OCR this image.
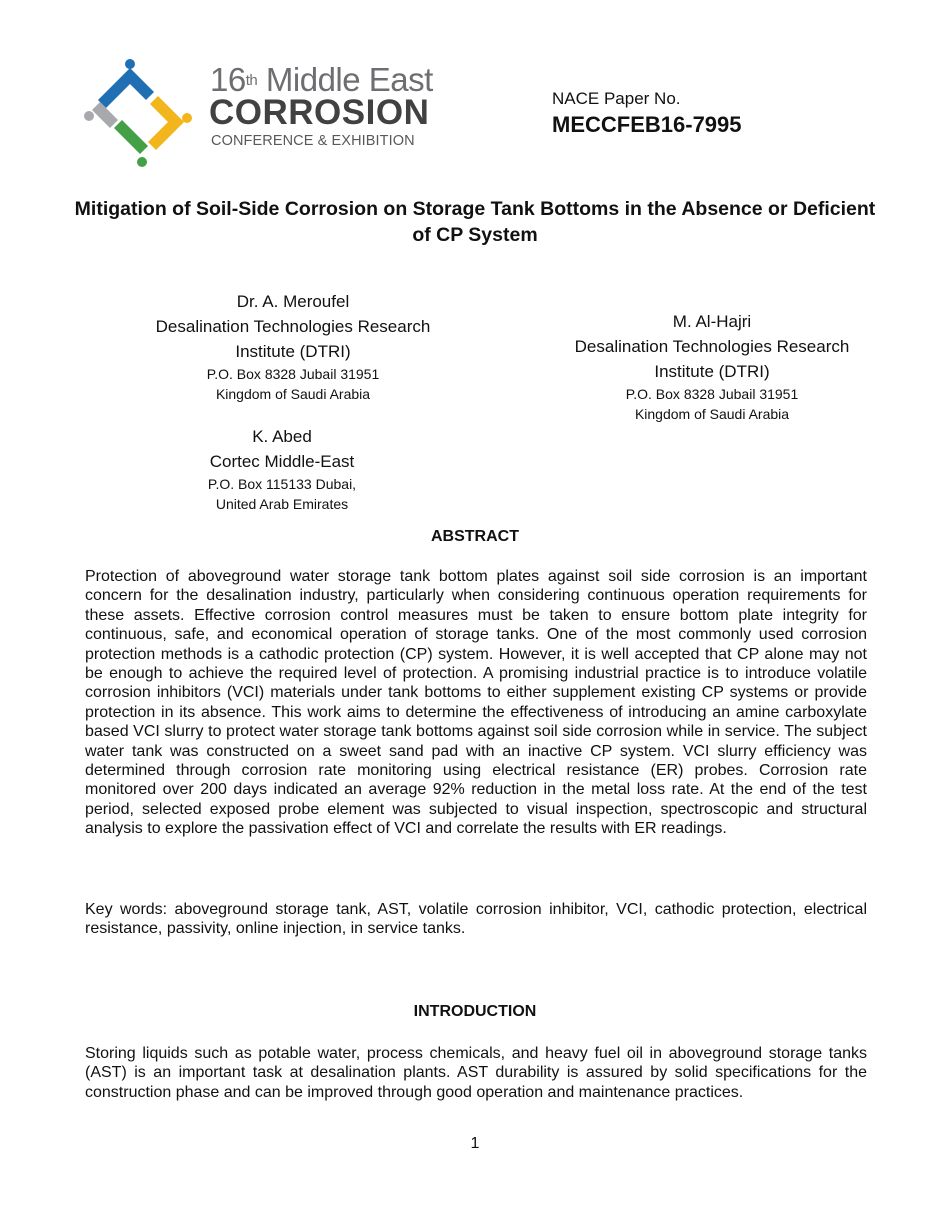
16th Middle East
CORROSION
CONFERENCE & EXHIBITION
NACE Paper No.
MECCFEB16-7995
Mitigation of Soil-Side Corrosion on Storage Tank Bottoms in the Absence or Deficient of CP System
Dr. A. Meroufel
Desalination Technologies Research
Institute (DTRI)
P.O. Box 8328 Jubail 31951
Kingdom of Saudi Arabia
M. Al-Hajri
Desalination Technologies Research
Institute (DTRI)
P.O. Box 8328 Jubail 31951
Kingdom of Saudi Arabia
K. Abed
Cortec Middle-East
P.O. Box 115133 Dubai,
United Arab Emirates
ABSTRACT
Protection of aboveground water storage tank bottom plates against soil side corrosion is an important concern for the desalination industry, particularly when considering continuous operation requirements for these assets. Effective corrosion control measures must be taken to ensure bottom plate integrity for continuous, safe, and economical operation of storage tanks. One of the most commonly used corrosion protection methods is a cathodic protection (CP) system. However, it is well accepted that CP alone may not be enough to achieve the required level of protection. A promising industrial practice is to introduce volatile corrosion inhibitors (VCI) materials under tank bottoms to either supplement existing CP systems or provide protection in its absence. This work aims to determine the effectiveness of introducing an amine carboxylate based VCI slurry to protect water storage tank bottoms against soil side corrosion while in service. The subject water tank was constructed on a sweet sand pad with an inactive CP system. VCI slurry efficiency was determined through corrosion rate monitoring using electrical resistance (ER) probes. Corrosion rate monitored over 200 days indicated an average 92% reduction in the metal loss rate. At the end of the test period, selected exposed probe element was subjected to visual inspection, spectroscopic and structural analysis to explore the passivation effect of VCI and correlate the results with ER readings.
Key words: aboveground storage tank, AST, volatile corrosion inhibitor, VCI, cathodic protection, electrical resistance, passivity, online injection, in service tanks.
INTRODUCTION
Storing liquids such as potable water, process chemicals, and heavy fuel oil in aboveground storage tanks (AST) is an important task at desalination plants. AST durability is assured by solid specifications for the construction phase and can be improved through good operation and maintenance practices.
1
